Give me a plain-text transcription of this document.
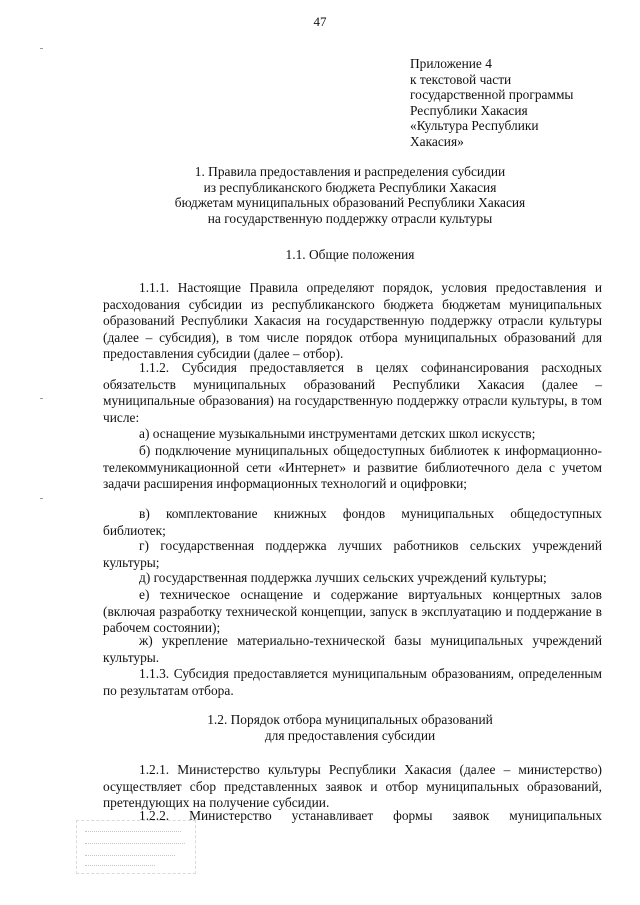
47
Приложение 4
к текстовой части
государственной программы
Республики Хакасия
«Культура Республики
Хакасия»
1. Правила предоставления и распределения субсидии
из республиканского бюджета Республики Хакасия
бюджетам муниципальных образований Республики Хакасия
на государственную поддержку отрасли культуры
1.1. Общие положения
1.1.1. Настоящие Правила определяют порядок, условия предоставления и расходования субсидии из республиканского бюджета бюджетам муниципальных образований Республики Хакасия на государственную поддержку отрасли культуры (далее – субсидия), в том числе порядок отбора муниципальных образований для предоставления субсидии (далее – отбор).
1.1.2. Субсидия предоставляется в целях софинансирования расходных обязательств муниципальных образований Республики Хакасия (далее – муниципальные образования) на государственную поддержку отрасли культуры, в том числе:
а) оснащение музыкальными инструментами детских школ искусств;
б) подключение муниципальных общедоступных библиотек к информационно-телекоммуникационной сети «Интернет» и развитие библиотечного дела с учетом задачи расширения информационных технологий и оцифровки;
в) комплектование книжных фондов муниципальных общедоступных библиотек;
г) государственная поддержка лучших работников сельских учреждений культуры;
д) государственная поддержка лучших сельских учреждений культуры;
е) техническое оснащение и содержание виртуальных концертных залов (включая разработку технической концепции, запуск в эксплуатацию и поддержание в рабочем состоянии);
ж) укрепление материально-технической базы муниципальных учреждений культуры.
1.1.3. Субсидия предоставляется муниципальным образованиям, определенным по результатам отбора.
1.2. Порядок отбора муниципальных образований
для предоставления субсидии
1.2.1. Министерство культуры Республики Хакасия (далее – министерство) осуществляет сбор представленных заявок и отбор муниципальных образований, претендующих на получение субсидии.
1.2.2. Министерство устанавливает формы заявок муниципальных
